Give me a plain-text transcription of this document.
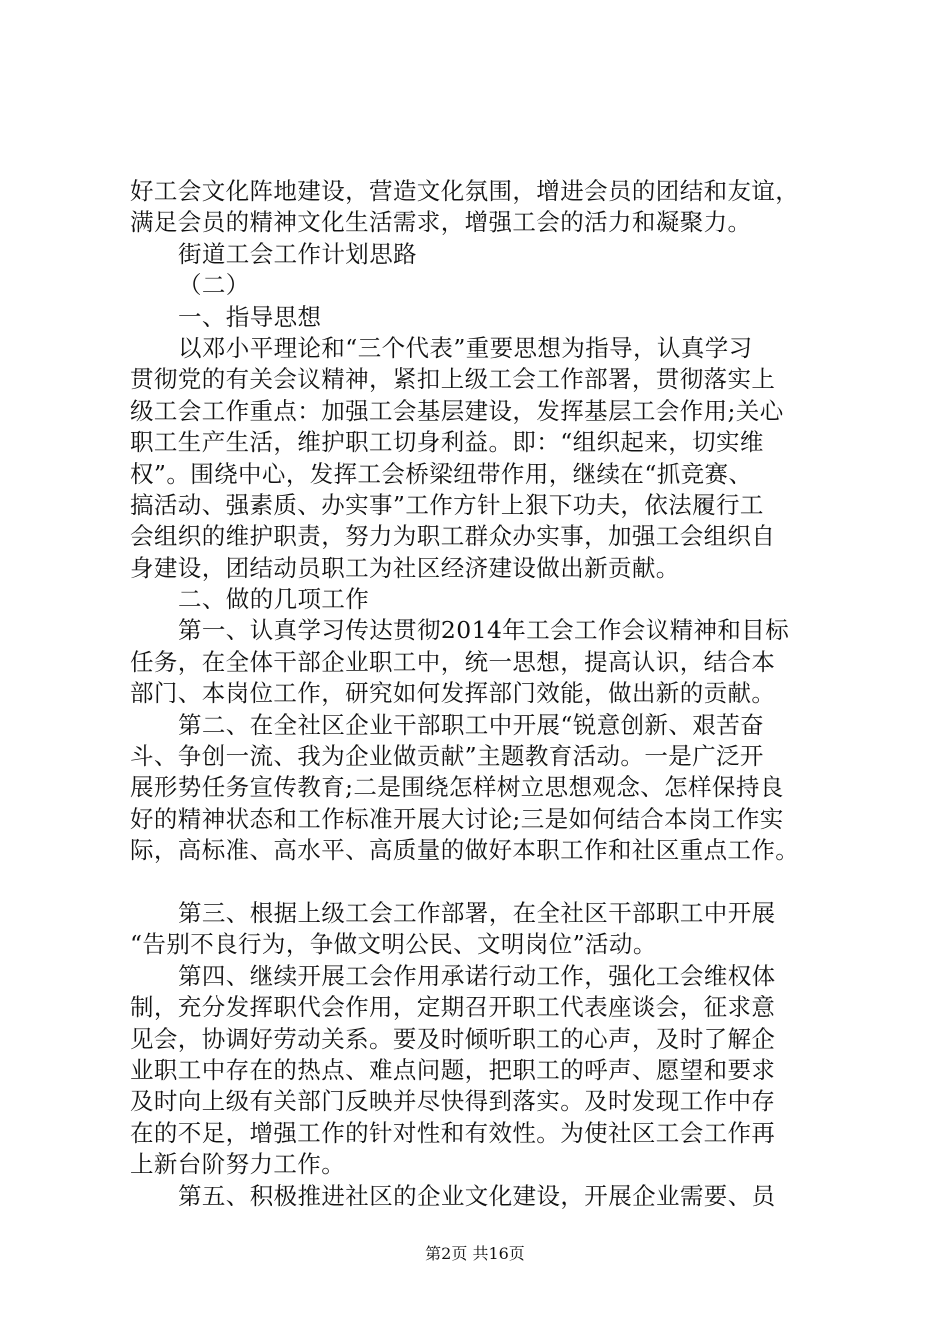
好工会文化阵地建设，营造文化氛围，增进会员的团结和友谊，
满足会员的精神文化生活需求，增强工会的活力和凝聚力。
街道工会工作计划思路
（二）
一、指导思想
以邓小平理论和“三个代表”重要思想为指导，认真学习
贯彻党的有关会议精神，紧扣上级工会工作部署，贯彻落实上
级工会工作重点：加强工会基层建设，发挥基层工会作用;关心
职工生产生活，维护职工切身利益。即：“组织起来，切实维
权”。围绕中心，发挥工会桥梁纽带作用，继续在“抓竞赛、
搞活动、强素质、办实事”工作方针上狠下功夫，依法履行工
会组织的维护职责，努力为职工群众办实事，加强工会组织自
身建设，团结动员职工为社区经济建设做出新贡献。
二、做的几项工作
第一、认真学习传达贯彻2014年工会工作会议精神和目标
任务，在全体干部企业职工中，统一思想，提高认识，结合本
部门、本岗位工作，研究如何发挥部门效能，做出新的贡献。
第二、在全社区企业干部职工中开展“锐意创新、艰苦奋
斗、争创一流、我为企业做贡献”主题教育活动。一是广泛开
展形势任务宣传教育;二是围绕怎样树立思想观念、怎样保持良
好的精神状态和工作标准开展大讨论;三是如何结合本岗工作实
际，高标准、高水平、高质量的做好本职工作和社区重点工作。
第三、根据上级工会工作部署，在全社区干部职工中开展
“告别不良行为，争做文明公民、文明岗位”活动。
第四、继续开展工会作用承诺行动工作，强化工会维权体
制，充分发挥职代会作用，定期召开职工代表座谈会，征求意
见会，协调好劳动关系。要及时倾听职工的心声，及时了解企
业职工中存在的热点、难点问题，把职工的呼声、愿望和要求
及时向上级有关部门反映并尽快得到落实。及时发现工作中存
在的不足，增强工作的针对性和有效性。为使社区工会工作再
上新台阶努力工作。
第五、积极推进社区的企业文化建设，开展企业需要、员
第2页 共16页
